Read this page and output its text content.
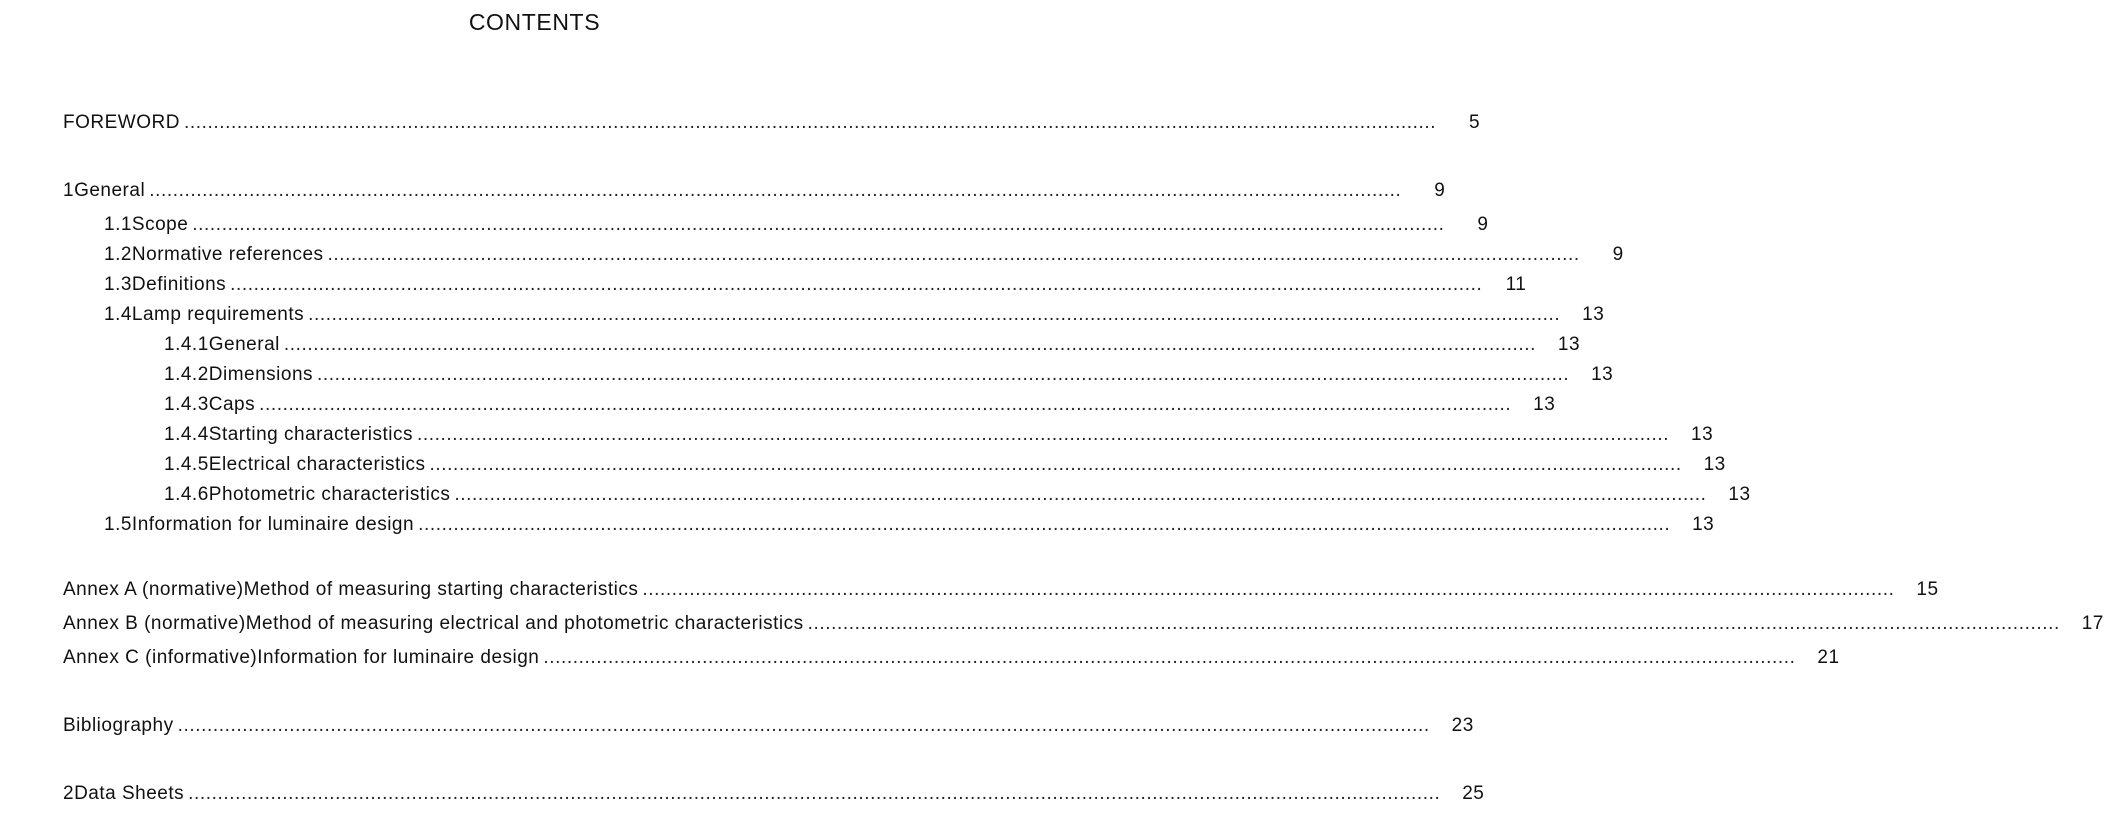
CONTENTS
FOREWORD .....	5
1 General .....	9
1.1 Scope .....	9
1.2 Normative references .....	9
1.3 Definitions .....	11
1.4 Lamp requirements .....	13
1.4.1 General .....	13
1.4.2 Dimensions .....	13
1.4.3 Caps .....	13
1.4.4 Starting characteristics .....	13
1.4.5 Electrical characteristics .....	13
1.4.6 Photometric characteristics .....	13
1.5 Information for luminaire design .....	13
Annex A (normative) Method of measuring starting characteristics .....	15
Annex B (normative) Method of measuring electrical and photometric characteristics .....	17
Annex C (informative) Information for luminaire design .....	21
Bibliography .....	23
2 Data Sheets .....	25
